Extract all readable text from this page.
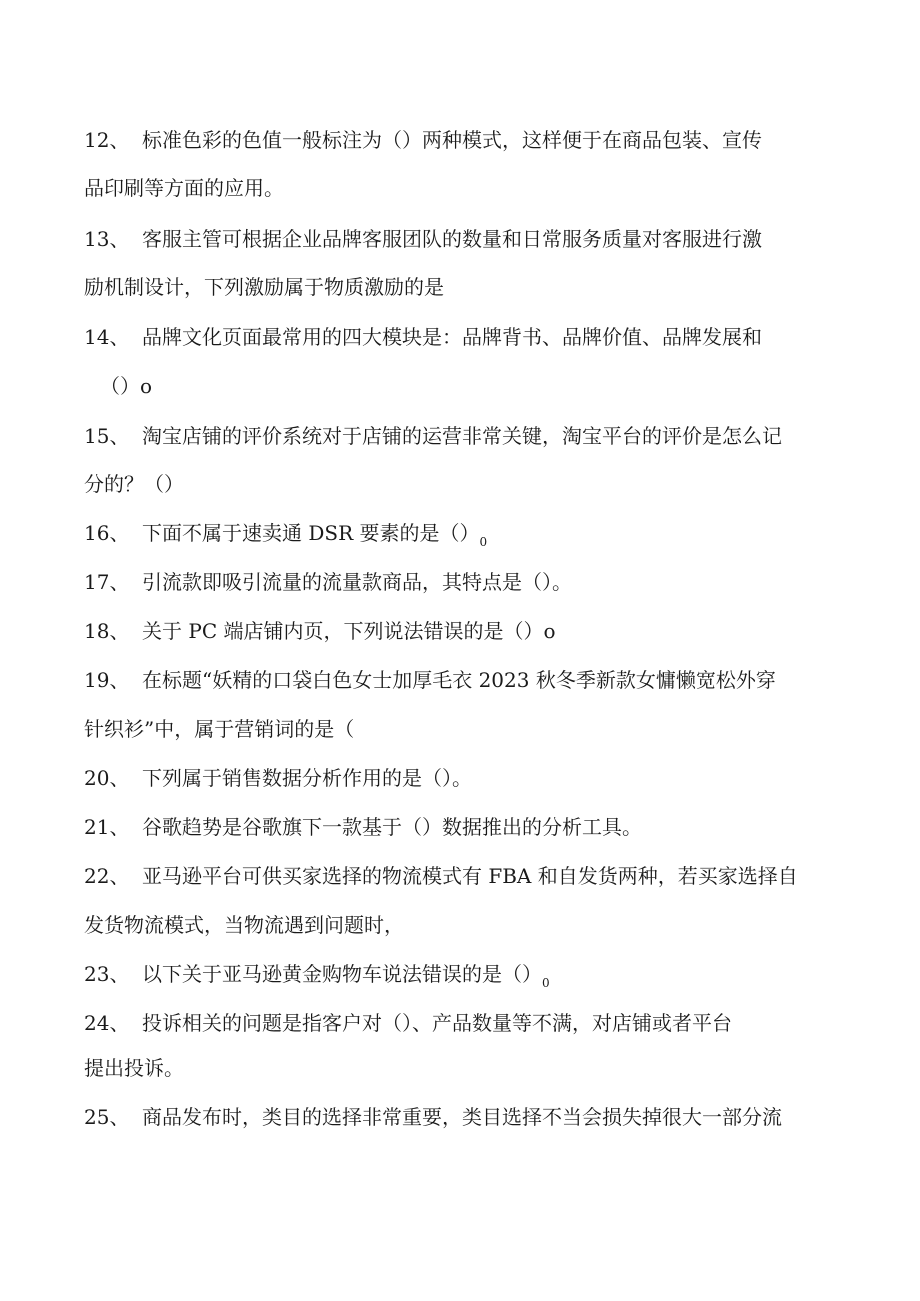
12、 标准色彩的色值一般标注为（）两种模式，这样便于在商品包装、宣传
品印刷等方面的应用。
13、 客服主管可根据企业品牌客服团队的数量和日常服务质量对客服进行激
励机制设计，下列激励属于物质激励的是
14、 品牌文化页面最常用的四大模块是：品牌背书、品牌价值、品牌发展和
（）o
15、 淘宝店铺的评价系统对于店铺的运营非常关键，淘宝平台的评价是怎么记
分的？（）
16、 下面不属于速卖通 DSR 要素的是$()_0$
17、 引流款即吸引流量的流量款商品，其特点是（）。
18、 关于 PC 端店铺内页，下列说法错误的是（）o
19、 在标题“妖精的口袋白色女士加厚毛衣 2023 秋冬季新款女慵懒宽松外穿
针织衫”中，属于营销词的是（
20、 下列属于销售数据分析作用的是（）。
21、 谷歌趋势是谷歌旗下一款基于（）数据推出的分析工具。
22、 亚马逊平台可供买家选择的物流模式有 FBA 和自发货两种，若买家选择自
发货物流模式，当物流遇到问题时，
23、 以下关于亚马逊黄金购物车说法错误的是$()_0$
24、 投诉相关的问题是指客户对（）、产品数量等不满，对店铺或者平台
提出投诉。
25、 商品发布时，类目的选择非常重要，类目选择不当会损失掉很大一部分流
